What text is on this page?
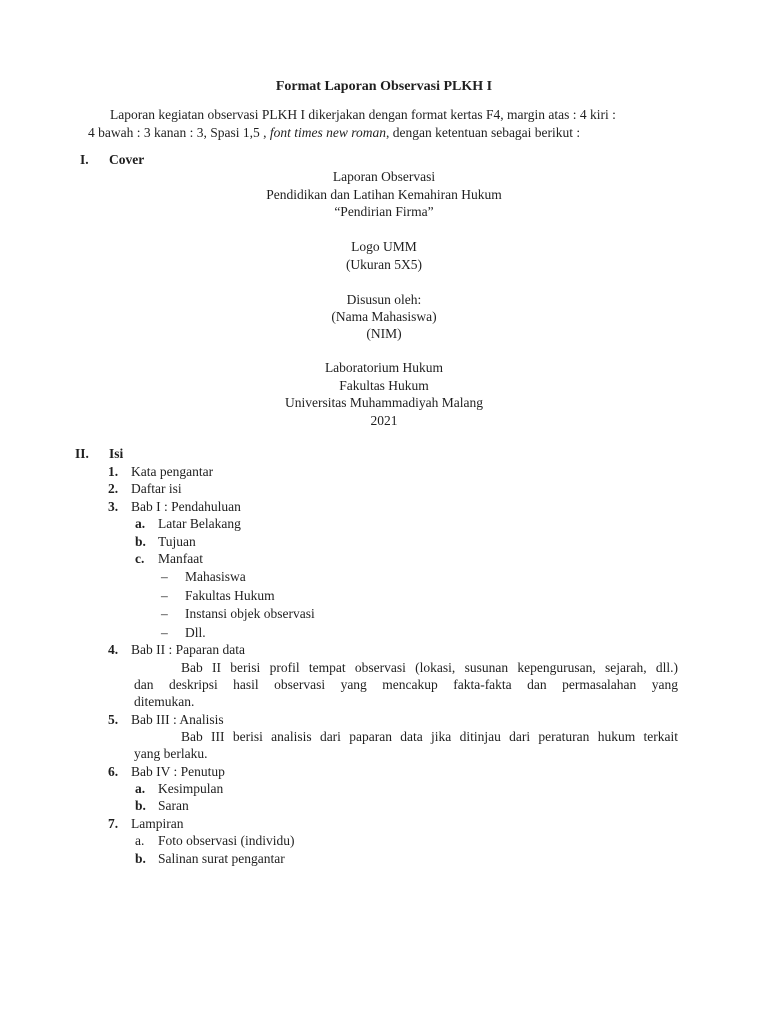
Format Laporan Observasi PLKH I
Laporan kegiatan observasi PLKH I dikerjakan dengan format kertas F4, margin atas : 4 kiri :
4 bawah : 3 kanan : 3, Spasi 1,5 , font times new roman, dengan ketentuan sebagai berikut :
I. Cover
Laporan Observasi
Pendidikan dan Latihan Kemahiran Hukum
“Pendirian Firma”
Logo UMM
(Ukuran 5X5)
Disusun oleh:
(Nama Mahasiswa)
(NIM)
Laboratorium Hukum
Fakultas Hukum
Universitas Muhammadiyah Malang
2021
II. Isi
1. Kata pengantar
2. Daftar isi
3. Bab I : Pendahuluan
a. Latar Belakang
b. Tujuan
c. Manfaat
– Mahasiswa
– Fakultas Hukum
– Instansi objek observasi
– Dll.
4. Bab II : Paparan data
Bab II berisi profil tempat observasi (lokasi, susunan kepengurusan, sejarah, dll.)
dan deskripsi hasil observasi yang mencakup fakta-fakta dan permasalahan yang
ditemukan.
5. Bab III : Analisis
Bab III berisi analisis dari paparan data jika ditinjau dari peraturan hukum terkait
yang berlaku.
6. Bab IV : Penutup
a. Kesimpulan
b. Saran
7. Lampiran
a. Foto observasi (individu)
b. Salinan surat pengantar
